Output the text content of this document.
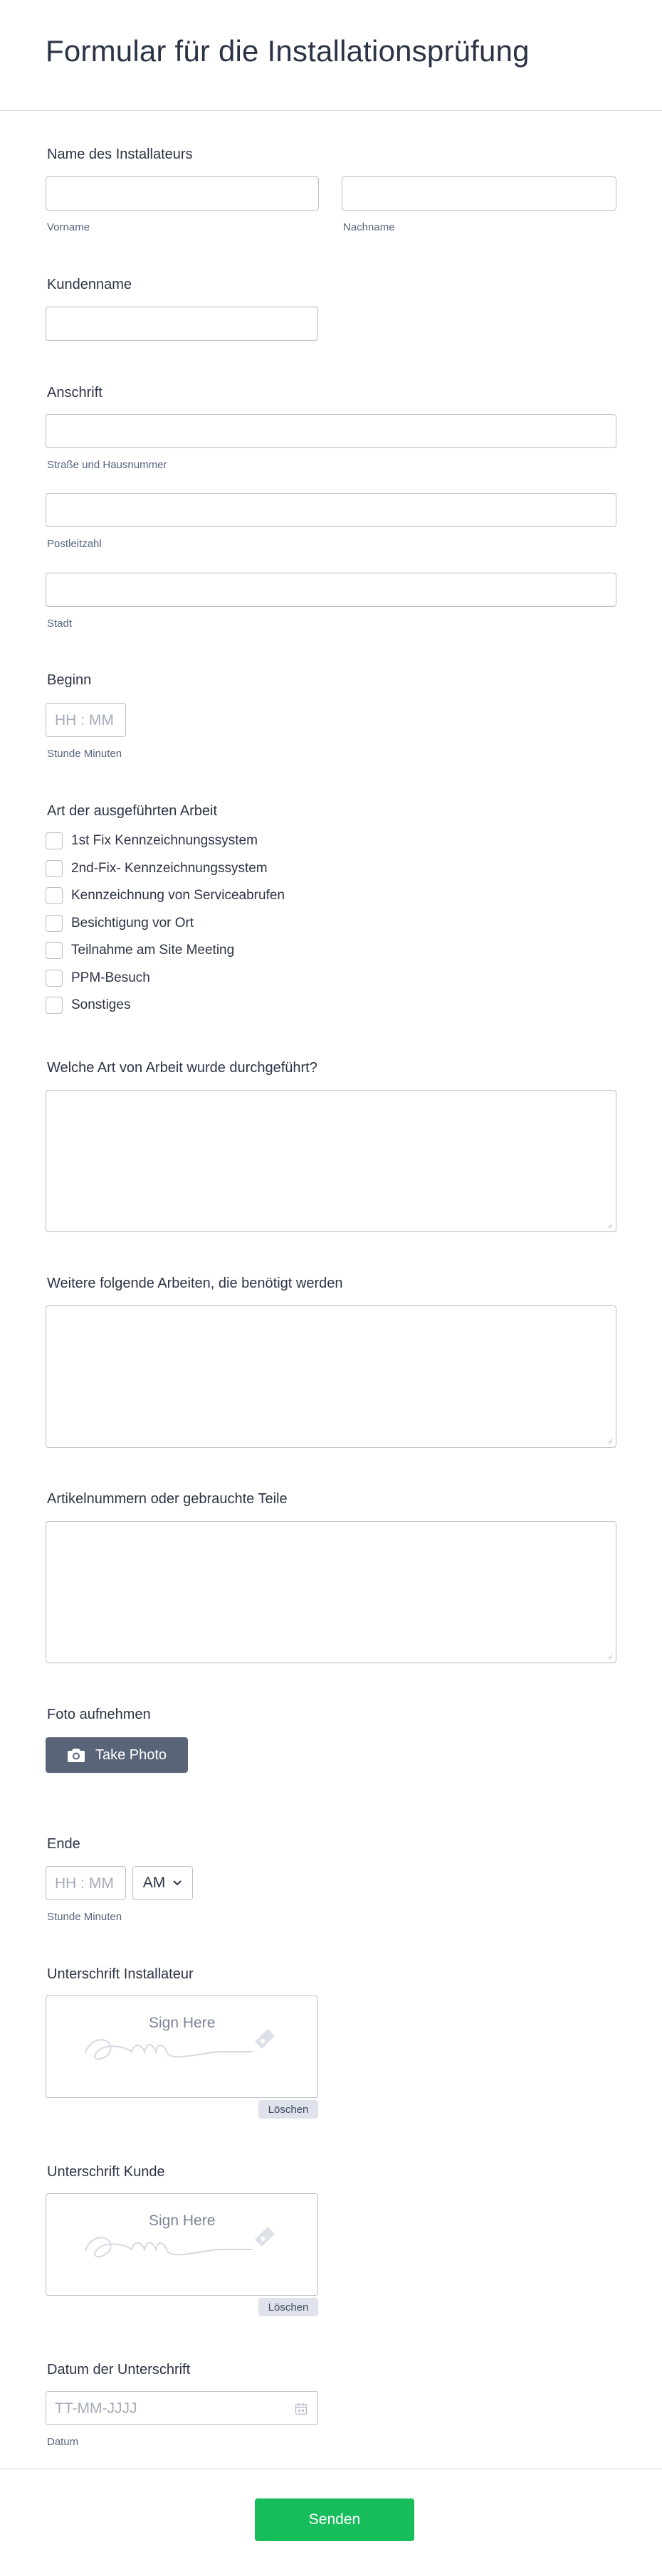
Formular für die Installationsprüfung
Name des Installateurs
Vorname	Nachname
Kundenname
Anschrift
Straße und Hausnummer
Postleitzahl
Stadt
Beginn
HH : MM
Stunde Minuten
Art der ausgeführten Arbeit
1st Fix Kennzeichnungssystem
2nd-Fix- Kennzeichnungssystem
Kennzeichnung von Serviceabrufen
Besichtigung vor Ort
Teilnahme am Site Meeting
PPM-Besuch
Sonstiges
Welche Art von Arbeit wurde durchgeführt?
Weitere folgende Arbeiten, die benötigt werden
Artikelnummern oder gebrauchte Teile
Foto aufnehmen
Take Photo
Ende
HH : MM AM
Stunde Minuten
Unterschrift Installateur
Sign Here
Löschen
Unterschrift Kunde
Sign Here
Löschen
Datum der Unterschrift
TT-MM-JJJJ
Datum
Senden
